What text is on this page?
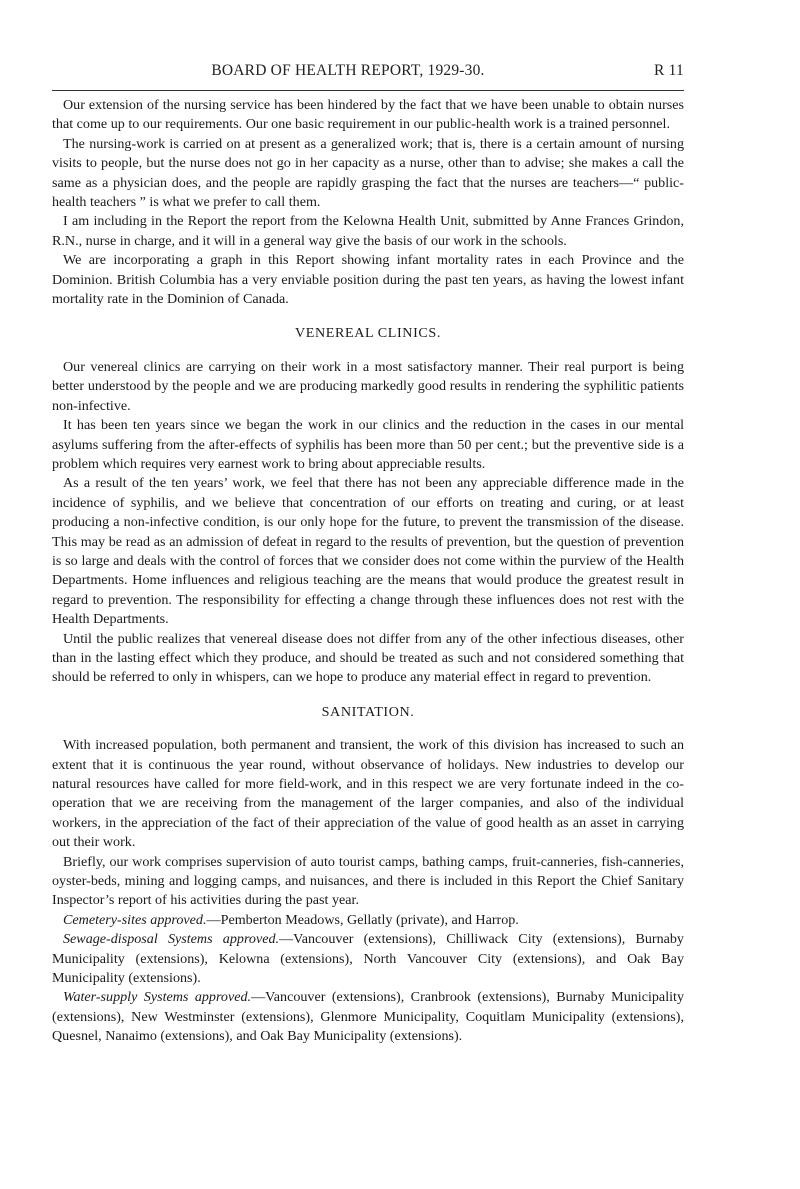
BOARD OF HEALTH REPORT, 1929-30.	R 11

Our extension of the nursing service has been hindered by the fact that we have been unable to obtain nurses that come up to our requirements. Our one basic requirement in our public-health work is a trained personnel.

The nursing-work is carried on at present as a generalized work; that is, there is a certain amount of nursing visits to people, but the nurse does not go in her capacity as a nurse, other than to advise; she makes a call the same as a physician does, and the people are rapidly grasping the fact that the nurses are teachers—“ public-health teachers ” is what we prefer to call them.

I am including in the Report the report from the Kelowna Health Unit, submitted by Anne Frances Grindon, R.N., nurse in charge, and it will in a general way give the basis of our work in the schools.

We are incorporating a graph in this Report showing infant mortality rates in each Province and the Dominion. British Columbia has a very enviable position during the past ten years, as having the lowest infant mortality rate in the Dominion of Canada.

VENEREAL CLINICS.

Our venereal clinics are carrying on their work in a most satisfactory manner. Their real purport is being better understood by the people and we are producing markedly good results in rendering the syphilitic patients non-infective.

It has been ten years since we began the work in our clinics and the reduction in the cases in our mental asylums suffering from the after-effects of syphilis has been more than 50 per cent.; but the preventive side is a problem which requires very earnest work to bring about appreciable results.

As a result of the ten years’ work, we feel that there has not been any appreciable difference made in the incidence of syphilis, and we believe that concentration of our efforts on treating and curing, or at least producing a non-infective condition, is our only hope for the future, to prevent the transmission of the disease. This may be read as an admission of defeat in regard to the results of prevention, but the question of prevention is so large and deals with the control of forces that we consider does not come within the purview of the Health Departments. Home influences and religious teaching are the means that would produce the greatest result in regard to prevention. The responsibility for effecting a change through these influences does not rest with the Health Departments.

Until the public realizes that venereal disease does not differ from any of the other infectious diseases, other than in the lasting effect which they produce, and should be treated as such and not considered something that should be referred to only in whispers, can we hope to produce any material effect in regard to prevention.

SANITATION.

With increased population, both permanent and transient, the work of this division has increased to such an extent that it is continuous the year round, without observance of holidays. New industries to develop our natural resources have called for more field-work, and in this respect we are very fortunate indeed in the co-operation that we are receiving from the management of the larger companies, and also of the individual workers, in the appreciation of the fact of their appreciation of the value of good health as an asset in carrying out their work.

Briefly, our work comprises supervision of auto tourist camps, bathing camps, fruit-canneries, fish-canneries, oyster-beds, mining and logging camps, and nuisances, and there is included in this Report the Chief Sanitary Inspector’s report of his activities during the past year.

Cemetery-sites approved.—Pemberton Meadows, Gellatly (private), and Harrop.

Sewage-disposal Systems approved.—Vancouver (extensions), Chilliwack City (extensions), Burnaby Municipality (extensions), Kelowna (extensions), North Vancouver City (extensions), and Oak Bay Municipality (extensions).

Water-supply Systems approved.—Vancouver (extensions), Cranbrook (extensions), Burnaby Municipality (extensions), New Westminster (extensions), Glenmore Municipality, Coquitlam Municipality (extensions), Quesnel, Nanaimo (extensions), and Oak Bay Municipality (extensions).
